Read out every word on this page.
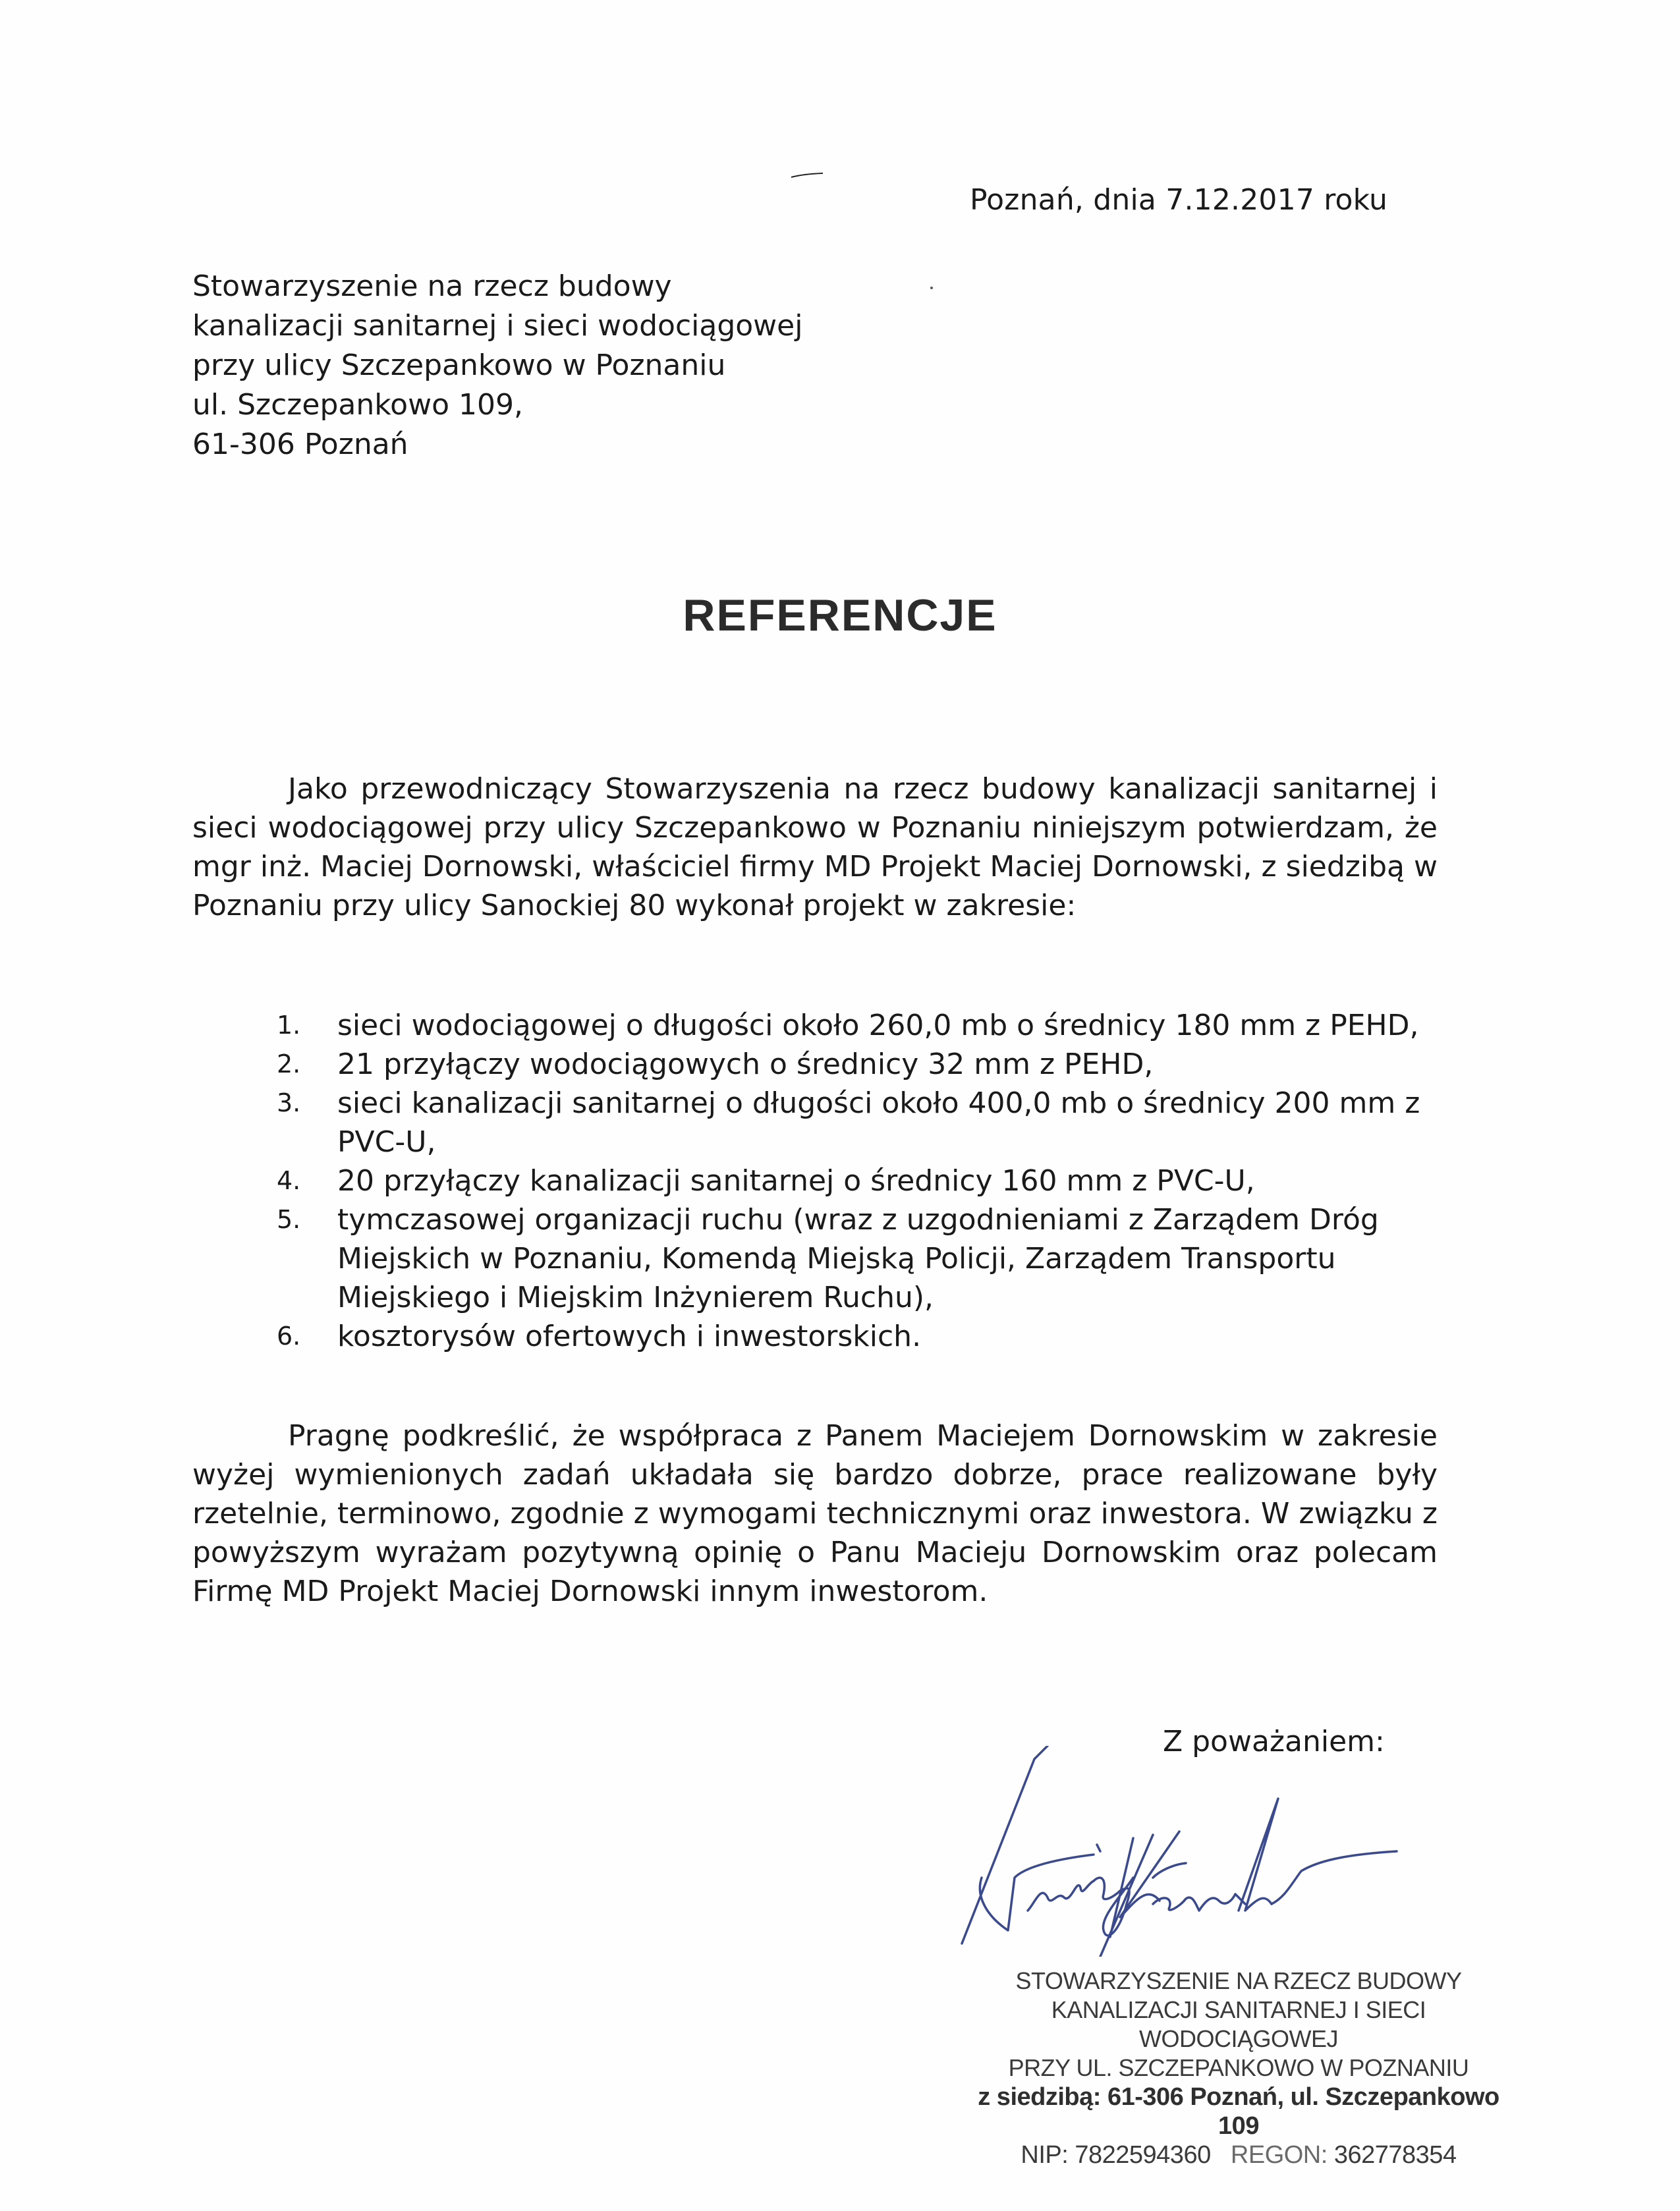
Poznań, dnia 7.12.2017 roku
Stowarzyszenie na rzecz budowy
kanalizacji sanitarnej i sieci wodociągowej
przy ulicy Szczepankowo w Poznaniu
ul. Szczepankowo 109,
61-306 Poznań
REFERENCJE
Jako przewodniczący Stowarzyszenia na rzecz budowy kanalizacji sanitarnej i sieci wodociągowej przy ulicy Szczepankowo w Poznaniu niniejszym potwierdzam, że mgr inż. Maciej Dornowski, właściciel firmy MD Projekt Maciej Dornowski, z siedzibą w Poznaniu przy ulicy Sanockiej 80 wykonał projekt w zakresie:
1. sieci wodociągowej o długości około 260,0 mb o średnicy 180 mm z PEHD,
2. 21 przyłączy wodociągowych o średnicy 32 mm z PEHD,
3. sieci kanalizacji sanitarnej o długości około 400,0 mb o średnicy 200 mm z PVC-U,
4. 20 przyłączy kanalizacji sanitarnej o średnicy 160 mm z PVC-U,
5. tymczasowej organizacji ruchu (wraz z uzgodnieniami z Zarządem Dróg Miejskich w Poznaniu, Komendą Miejską Policji, Zarządem Transportu Miejskiego i Miejskim Inżynierem Ruchu),
6. kosztorysów ofertowych i inwestorskich.
Pragnę podkreślić, że współpraca z Panem Maciejem Dornowskim w zakresie wyżej wymienionych zadań układała się bardzo dobrze, prace realizowane były rzetelnie, terminowo, zgodnie z wymogami technicznymi oraz inwestora. W związku z powyższym wyrażam pozytywną opinię o Panu Macieju Dornowskim oraz polecam Firmę MD Projekt Maciej Dornowski innym inwestorom.
Z poważaniem:
STOWARZYSZENIE NA RZECZ BUDOWY
KANALIZACJI SANITARNEJ I SIECI WODOCIĄGOWEJ
PRZY UL. SZCZEPANKOWO W POZNANIU
z siedzibą: 61-306 Poznań, ul. Szczepankowo 109
NIP: 7822594360 REGON: 362778354
